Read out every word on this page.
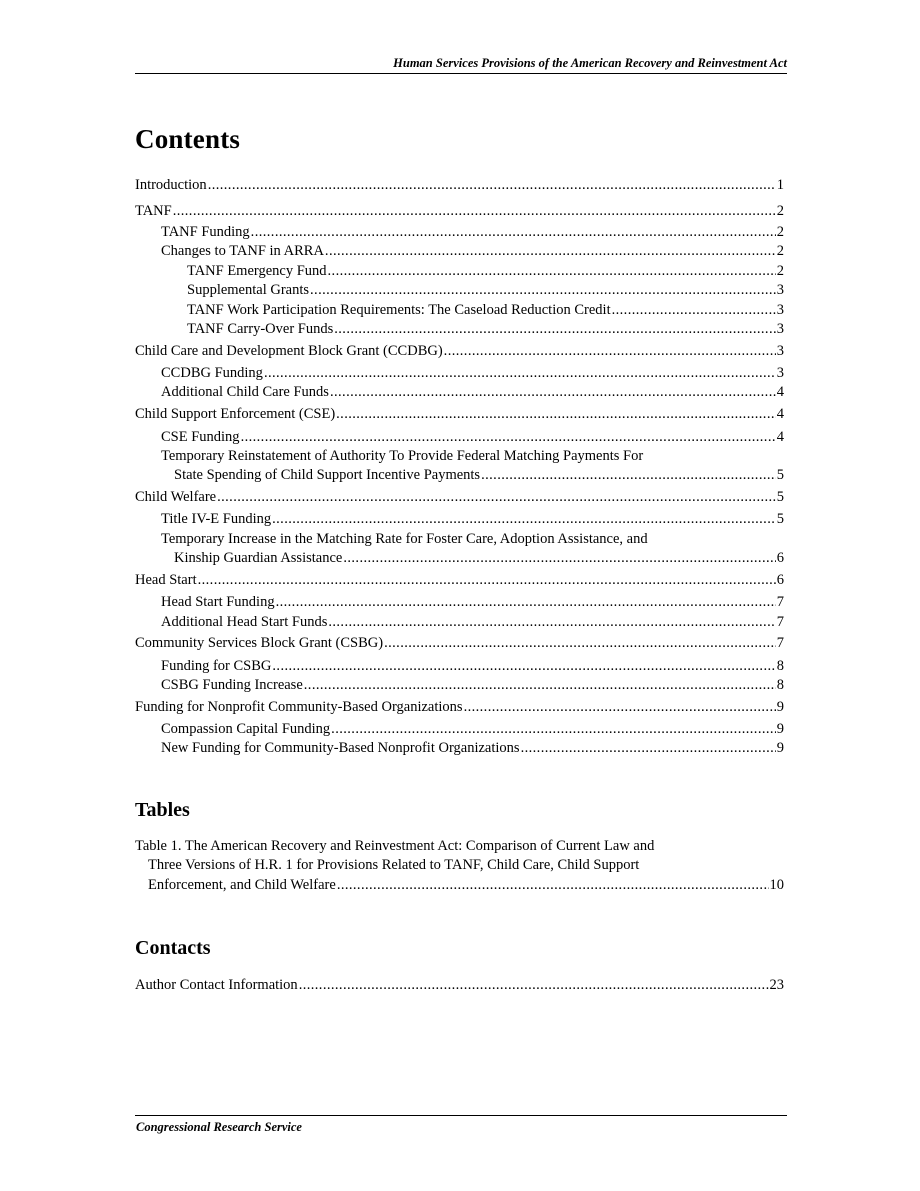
Human Services Provisions of the American Recovery and Reinvestment Act
Contents
Introduction .....	1
TANF .....	2
TANF Funding .....	2
Changes to TANF in ARRA .....	2
TANF Emergency Fund .....	2
Supplemental Grants .....	3
TANF Work Participation Requirements: The Caseload Reduction Credit .....	3
TANF Carry-Over Funds .....	3
Child Care and Development Block Grant (CCDBG) .....	3
CCDBG Funding .....	3
Additional Child Care Funds .....	4
Child Support Enforcement (CSE) .....	4
CSE Funding .....	4
Temporary Reinstatement of Authority To Provide Federal Matching Payments For
State Spending of Child Support Incentive Payments .....	5
Child Welfare .....	5
Title IV-E Funding .....	5
Temporary Increase in the Matching Rate for Foster Care, Adoption Assistance, and
Kinship Guardian Assistance .....	6
Head Start .....	6
Head Start Funding .....	7
Additional Head Start Funds .....	7
Community Services Block Grant (CSBG) .....	7
Funding for CSBG .....	8
CSBG Funding Increase .....	8
Funding for Nonprofit Community-Based Organizations .....	9
Compassion Capital Funding .....	9
New Funding for Community-Based Nonprofit Organizations .....	9
Tables
Table 1. The American Recovery and Reinvestment Act: Comparison of Current Law and
Three Versions of H.R. 1 for Provisions Related to TANF, Child Care, Child Support
Enforcement, and Child Welfare .....	10
Contacts
Author Contact Information .....	23
Congressional Research Service
